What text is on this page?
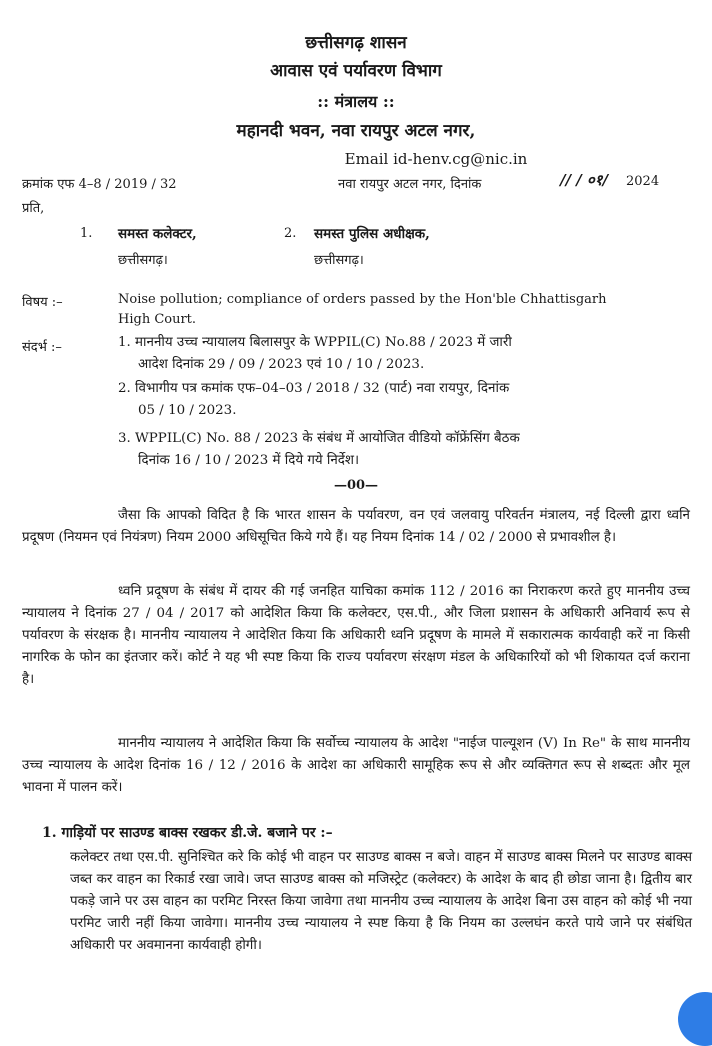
छत्तीसगढ़ शासन
आवास एवं पर्यावरण विभाग
:: मंत्रालय ::
महानदी भवन, नवा रायपुर अटल नगर,
Email id-henv.cg@nic.in
क्रमांक एफ 4–8 / 2019 / 32	नवा रायपुर अटल नगर, दिनांक	// / ०१/ 2024
प्रति,
1. समस्त कलेक्टर,
छत्तीसगढ़।
2. समस्त पुलिस अधीक्षक,
छत्तीसगढ़।
विषय :–	Noise pollution; compliance of orders passed by the Hon'ble Chhattisgarh
High Court.
संदर्भ :–	1. माननीय उच्च न्यायालय बिलासपुर के WPPIL(C) No.88 / 2023 में जारी
आदेश दिनांक 29 / 09 / 2023 एवं 10 / 10 / 2023.
2. विभागीय पत्र कमांक एफ–04–03 / 2018 / 32 (पार्ट) नवा रायपुर, दिनांक
05 / 10 / 2023.
3. WPPIL(C) No. 88 / 2023 के संबंध में आयोजित वीडियो कॉफ्रेंसिंग बैठक
दिनांक 16 / 10 / 2023 में दिये गये निर्देश।
—00—
जैसा कि आपको विदित है कि भारत शासन के पर्यावरण, वन एवं जलवायु परिवर्तन मंत्रालय, नई दिल्ली द्वारा ध्वनि प्रदूषण (नियमन एवं नियंत्रण) नियम 2000 अधिसूचित किये गये हैं। यह नियम दिनांक 14 / 02 / 2000 से प्रभावशील है।
ध्वनि प्रदूषण के संबंध में दायर की गई जनहित याचिका कमांक 112 / 2016 का निराकरण करते हुए माननीय उच्च न्यायालय ने दिनांक 27 / 04 / 2017 को आदेशित किया कि कलेक्टर, एस.पी., और जिला प्रशासन के अधिकारी अनिवार्य रूप से पर्यावरण के संरक्षक है। माननीय न्यायालय ने आदेशित किया कि अधिकारी ध्वनि प्रदूषण के मामले में सकारात्मक कार्यवाही करें ना किसी नागरिक के फोन का इंतजार करें। कोर्ट ने यह भी स्पष्ट किया कि राज्य पर्यावरण संरक्षण मंडल के अधिकारियों को भी शिकायत दर्ज कराना है।
माननीय न्यायालय ने आदेशित किया कि सर्वोच्च न्यायालय के आदेश "नाईज पाल्यूशन (V) In Re" के साथ माननीय उच्च न्यायालय के आदेश दिनांक 16 / 12 / 2016 के आदेश का अधिकारी सामूहिक रूप से और व्यक्तिगत रूप से शब्दतः और मूल भावना में पालन करें।
1. गाड़ियों पर साउण्ड बाक्स रखकर डी.जे. बजाने पर :–
कलेक्टर तथा एस.पी. सुनिश्चित करे कि कोई भी वाहन पर साउण्ड बाक्स न बजे। वाहन में साउण्ड बाक्स मिलने पर साउण्ड बाक्स जब्त कर वाहन का रिकार्ड रखा जावे। जप्त साउण्ड बाक्स को मजिस्ट्रेट (कलेक्टर) के आदेश के बाद ही छोडा जाना है। द्वितीय बार पकड़े जाने पर उस वाहन का परमिट निरस्त किया जावेगा तथा माननीय उच्च न्यायालय के आदेश बिना उस वाहन को कोई भी नया परमिट जारी नहीं किया जावेगा। माननीय उच्च न्यायालय ने स्पष्ट किया है कि नियम का उल्लघंन करते पाये जाने पर संबंधित अधिकारी पर अवमानना कार्यवाही होगी।
